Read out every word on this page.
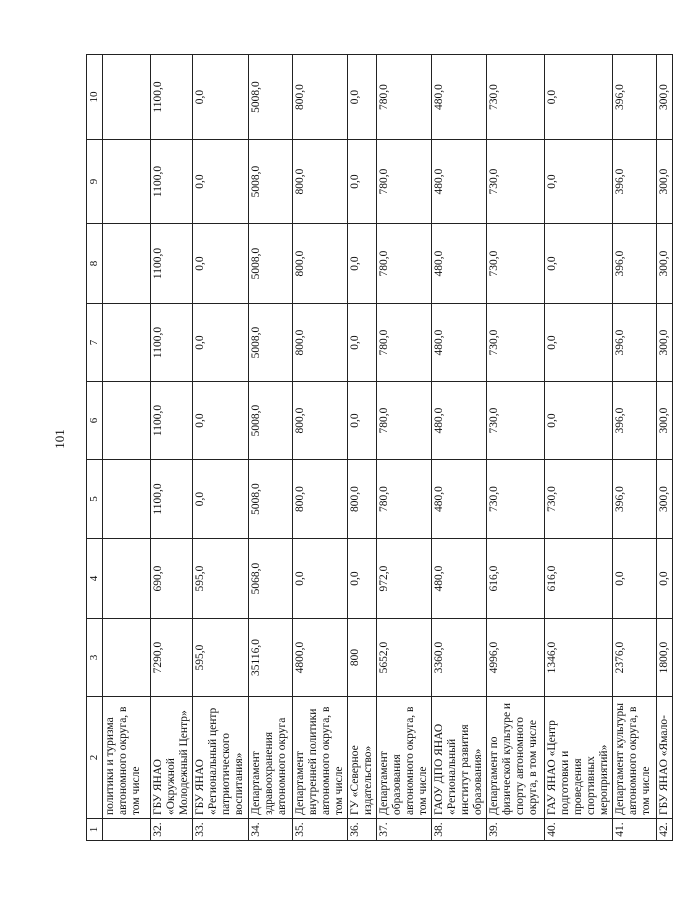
101
1	2	3	4	5	6	7	8	9	10
	политики и туризма автономного округа, в том числе								
32.	ГБУ ЯНАО «Окружной Молодежный Центр»	7290,0	690,0	1100,0	1100,0	1100,0	1100,0	1100,0	1100,0
33.	ГБУ ЯНАО «Региональный центр патриотического воспитания»	595,0	595,0	0,0	0,0	0,0	0,0	0,0	0,0
34.	Департамент здравоохранения автономного округа	35116,0	5068,0	5008,0	5008,0	5008,0	5008,0	5008,0	5008,0
35.	Департамент внутренней политики автономного округа, в том числе	4800,0	0,0	800,0	800,0	800,0	800,0	800,0	800,0
36.	ГУ «Северное издательство»	800	0,0	800,0	0,0	0,0	0,0	0,0	0,0
37.	Департамент образования автономного округа, в том числе	5652,0	972,0	780,0	780,0	780,0	780,0	780,0	780,0
38.	ГАОУ ДПО ЯНАО «Региональный институт развития образования»	3360,0	480,0	480,0	480,0	480,0	480,0	480,0	480,0
39.	Департамент по физической культуре и спорту автономного округа, в том числе	4996,0	616,0	730,0	730,0	730,0	730,0	730,0	730,0
40.	ГАУ ЯНАО «Центр подготовки и проведения спортивных мероприятий»	1346,0	616,0	730,0	0,0	0,0	0,0	0,0	0,0
41.	Департамент культуры автономного округа, в том числе	2376,0	0,0	396,0	396,0	396,0	396,0	396,0	396,0
42.	ГБУ ЯНАО «Ямало-	1800,0	0,0	300,0	300,0	300,0	300,0	300,0	300,0
